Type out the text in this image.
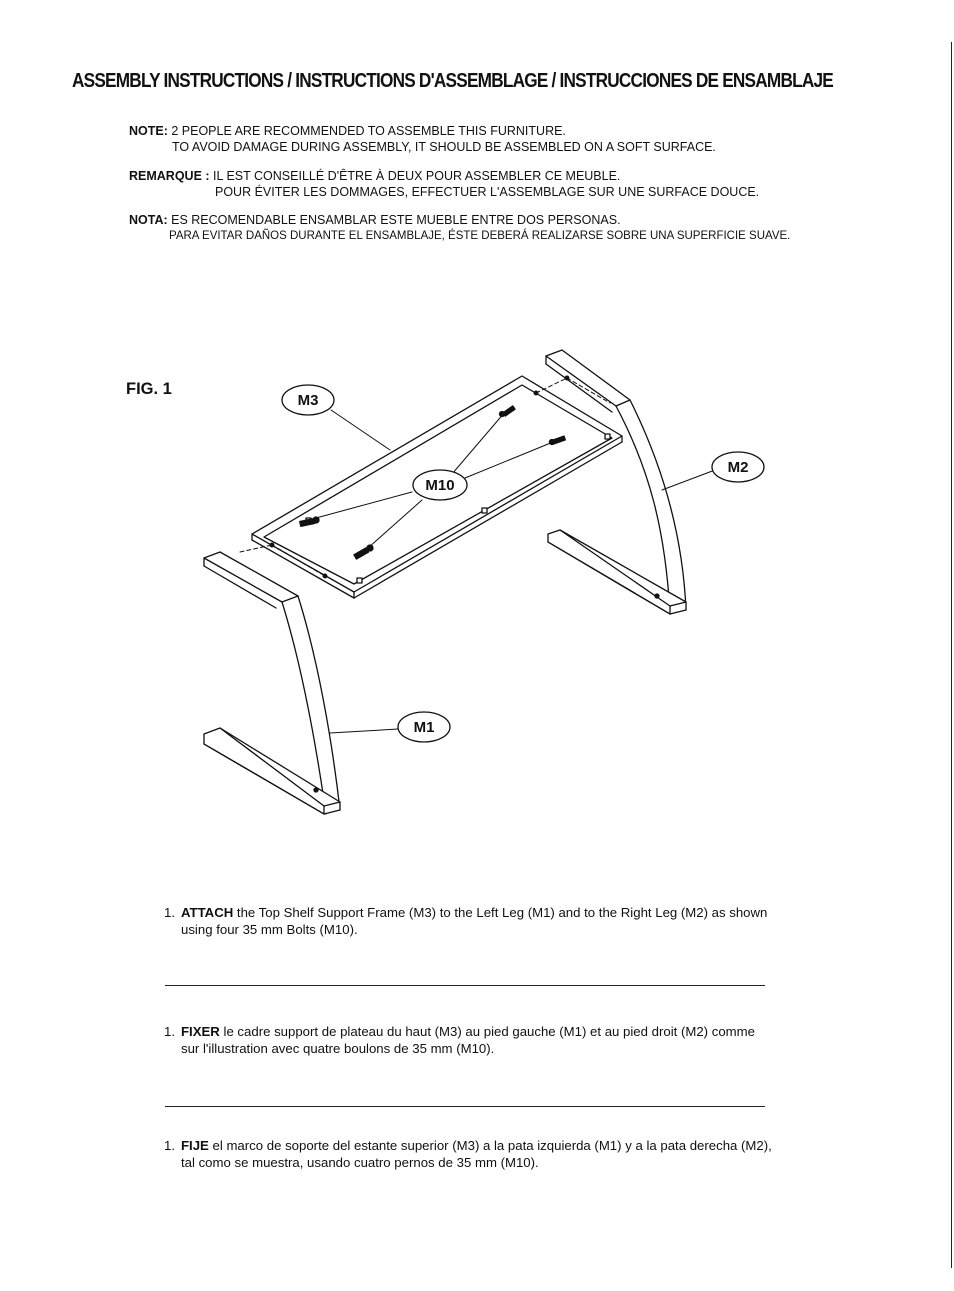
ASSEMBLY INSTRUCTIONS / INSTRUCTIONS D'ASSEMBLAGE / INSTRUCCIONES DE ENSAMBLAJE
NOTE: 2 PEOPLE ARE RECOMMENDED TO ASSEMBLE THIS FURNITURE.
TO AVOID DAMAGE DURING ASSEMBLY, IT SHOULD BE ASSEMBLED ON A SOFT SURFACE.
REMARQUE : IL EST CONSEILLÉ D'ÊTRE À DEUX POUR ASSEMBLER CE MEUBLE.
POUR ÉVITER LES DOMMAGES, EFFECTUER L'ASSEMBLAGE SUR UNE SURFACE DOUCE.
NOTA: ES RECOMENDABLE ENSAMBLAR ESTE MUEBLE ENTRE DOS PERSONAS.
PARA EVITAR DAÑOS DURANTE EL ENSAMBLAJE, ÉSTE DEBERÁ REALIZARSE SOBRE UNA SUPERFICIE SUAVE.
FIG. 1
M3
M10
M2
M1
1. ATTACH the Top Shelf Support Frame (M3) to the Left Leg (M1) and to the Right Leg (M2) as shown using four 35 mm Bolts (M10).
1. FIXER le cadre support de plateau du haut (M3) au pied gauche (M1) et au pied droit (M2) comme sur l'illustration avec quatre boulons de 35 mm (M10).
1. FIJE el marco de soporte del estante superior (M3) a la pata izquierda (M1) y a la pata derecha (M2), tal como se muestra, usando cuatro pernos de 35 mm (M10).
